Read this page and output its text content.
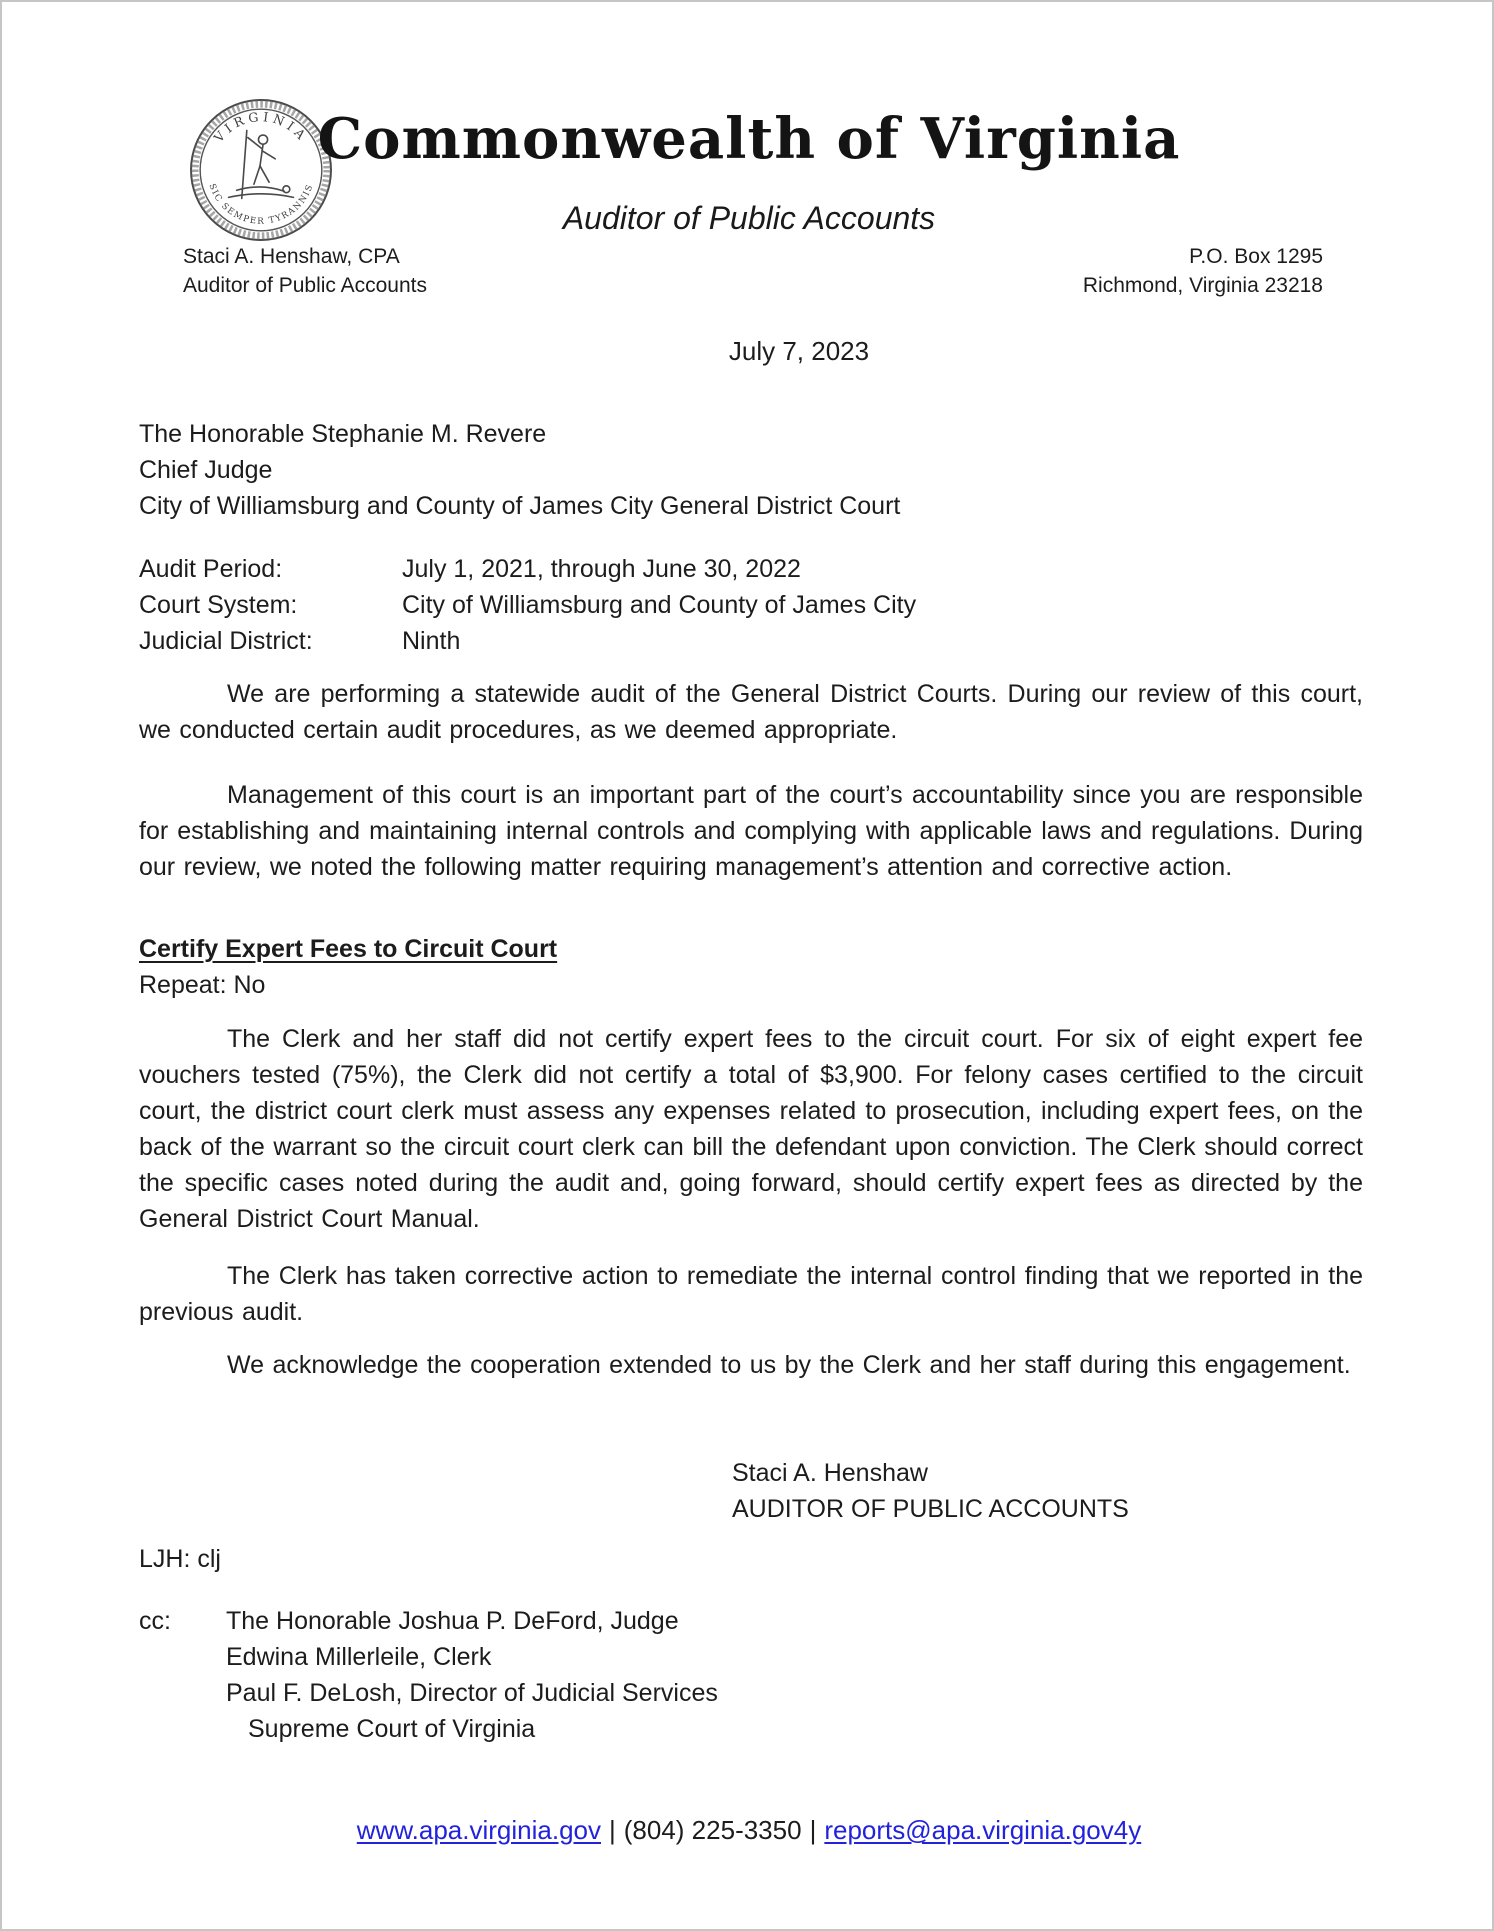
VIRGINIA
SIC SEMPER TYRANNIS
Commonwealth of Virginia
Auditor of Public Accounts
Staci A. Henshaw, CPA
Auditor of Public Accounts
P.O. Box 1295
Richmond, Virginia 23218
July 7, 2023
The Honorable Stephanie M. Revere
Chief Judge
City of Williamsburg and County of James City General District Court
Audit Period:	July 1, 2021, through June 30, 2022
Court System:	City of Williamsburg and County of James City
Judicial District:	Ninth
We are performing a statewide audit of the General District Courts. During our review of this court, we conducted certain audit procedures, as we deemed appropriate.
Management of this court is an important part of the court’s accountability since you are responsible for establishing and maintaining internal controls and complying with applicable laws and regulations. During our review, we noted the following matter requiring management’s attention and corrective action.
Certify Expert Fees to Circuit Court
Repeat: No
The Clerk and her staff did not certify expert fees to the circuit court. For six of eight expert fee vouchers tested (75%), the Clerk did not certify a total of $3,900. For felony cases certified to the circuit court, the district court clerk must assess any expenses related to prosecution, including expert fees, on the back of the warrant so the circuit court clerk can bill the defendant upon conviction. The Clerk should correct the specific cases noted during the audit and, going forward, should certify expert fees as directed by the General District Court Manual.
The Clerk has taken corrective action to remediate the internal control finding that we reported in the previous audit.
We acknowledge the cooperation extended to us by the Clerk and her staff during this engagement.
Staci A. Henshaw
AUDITOR OF PUBLIC ACCOUNTS
LJH: clj
cc:	The Honorable Joshua P. DeFord, Judge
Edwina Millerleile, Clerk
Paul F. DeLosh, Director of Judicial Services
Supreme Court of Virginia
www.apa.virginia.gov | (804) 225-3350 | reports@apa.virginia.gov4y
